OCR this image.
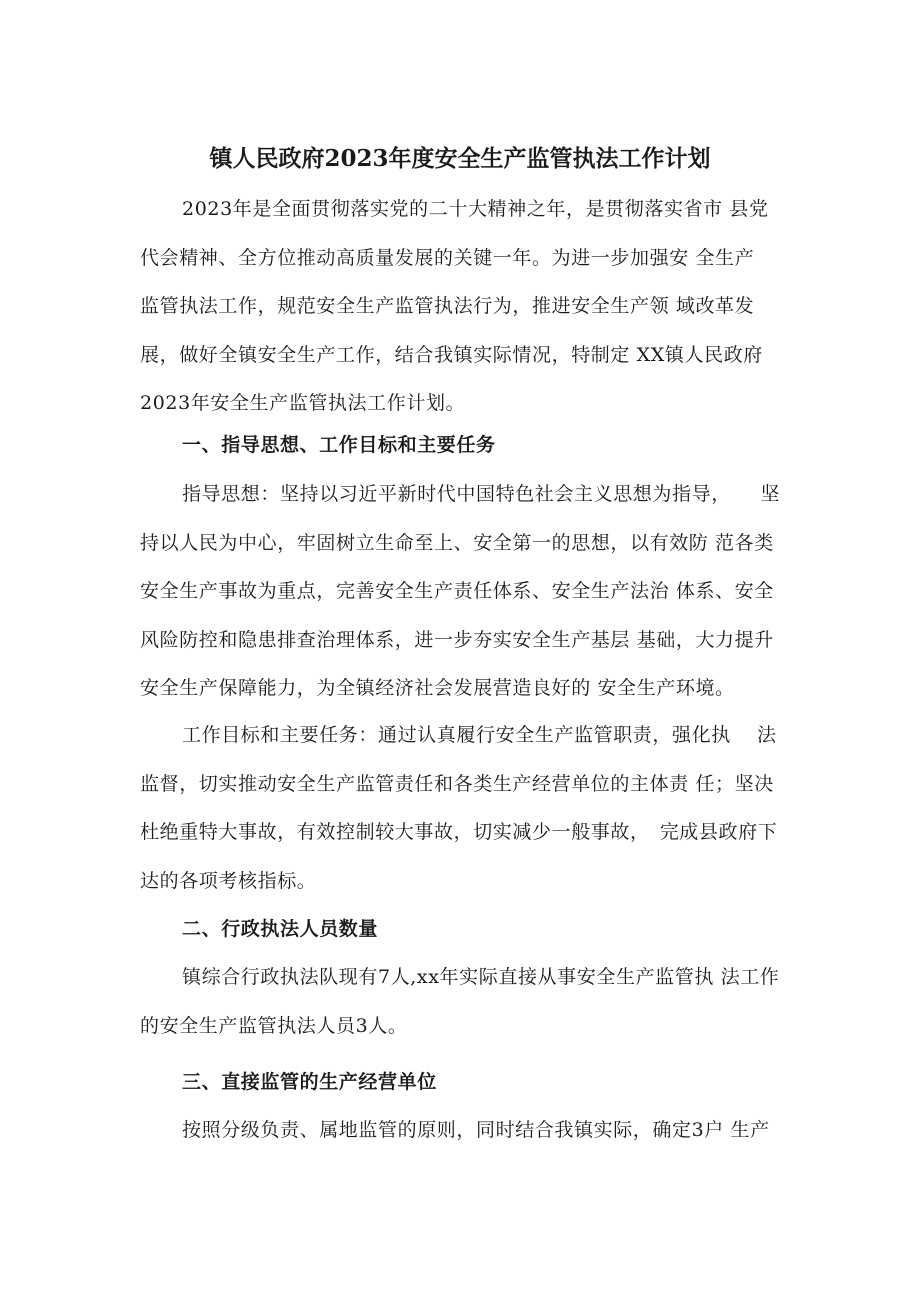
镇人民政府2023年度安全生产监管执法工作计划
2023年是全面贯彻落实党的二十大精神之年，是贯彻落实省市 县党
代会精神、全方位推动高质量发展的关键一年。为进一步加强安 全生产
监管执法工作，规范安全生产监管执法行为，推进安全生产领 域改革发
展，做好全镇安全生产工作，结合我镇实际情况，特制定 XX镇人民政府
2023年安全生产监管执法工作计划。
一、指导思想、工作目标和主要任务
指导思想：坚持以习近平新时代中国特色社会主义思想为指导，　　坚
持以人民为中心，牢固树立生命至上、安全第一的思想，以有效防 范各类
安全生产事故为重点，完善安全生产责任体系、安全生产法治 体系、安全
风险防控和隐患排查治理体系，进一步夯实安全生产基层 基础，大力提升
安全生产保障能力，为全镇经济社会发展营造良好的 安全生产环境。
工作目标和主要任务：通过认真履行安全生产监管职责，强化执　 法
监督，切实推动安全生产监管责任和各类生产经营单位的主体责 任；坚决
杜绝重特大事故，有效控制较大事故，切实减少一般事故，　完成县政府下
达的各项考核指标。
二、行政执法人员数量
镇综合行政执法队现有7人,xx年实际直接从事安全生产监管执 法工作
的安全生产监管执法人员3人。
三、直接监管的生产经营单位
按照分级负责、属地监管的原则，同时结合我镇实际，确定3户 生产
